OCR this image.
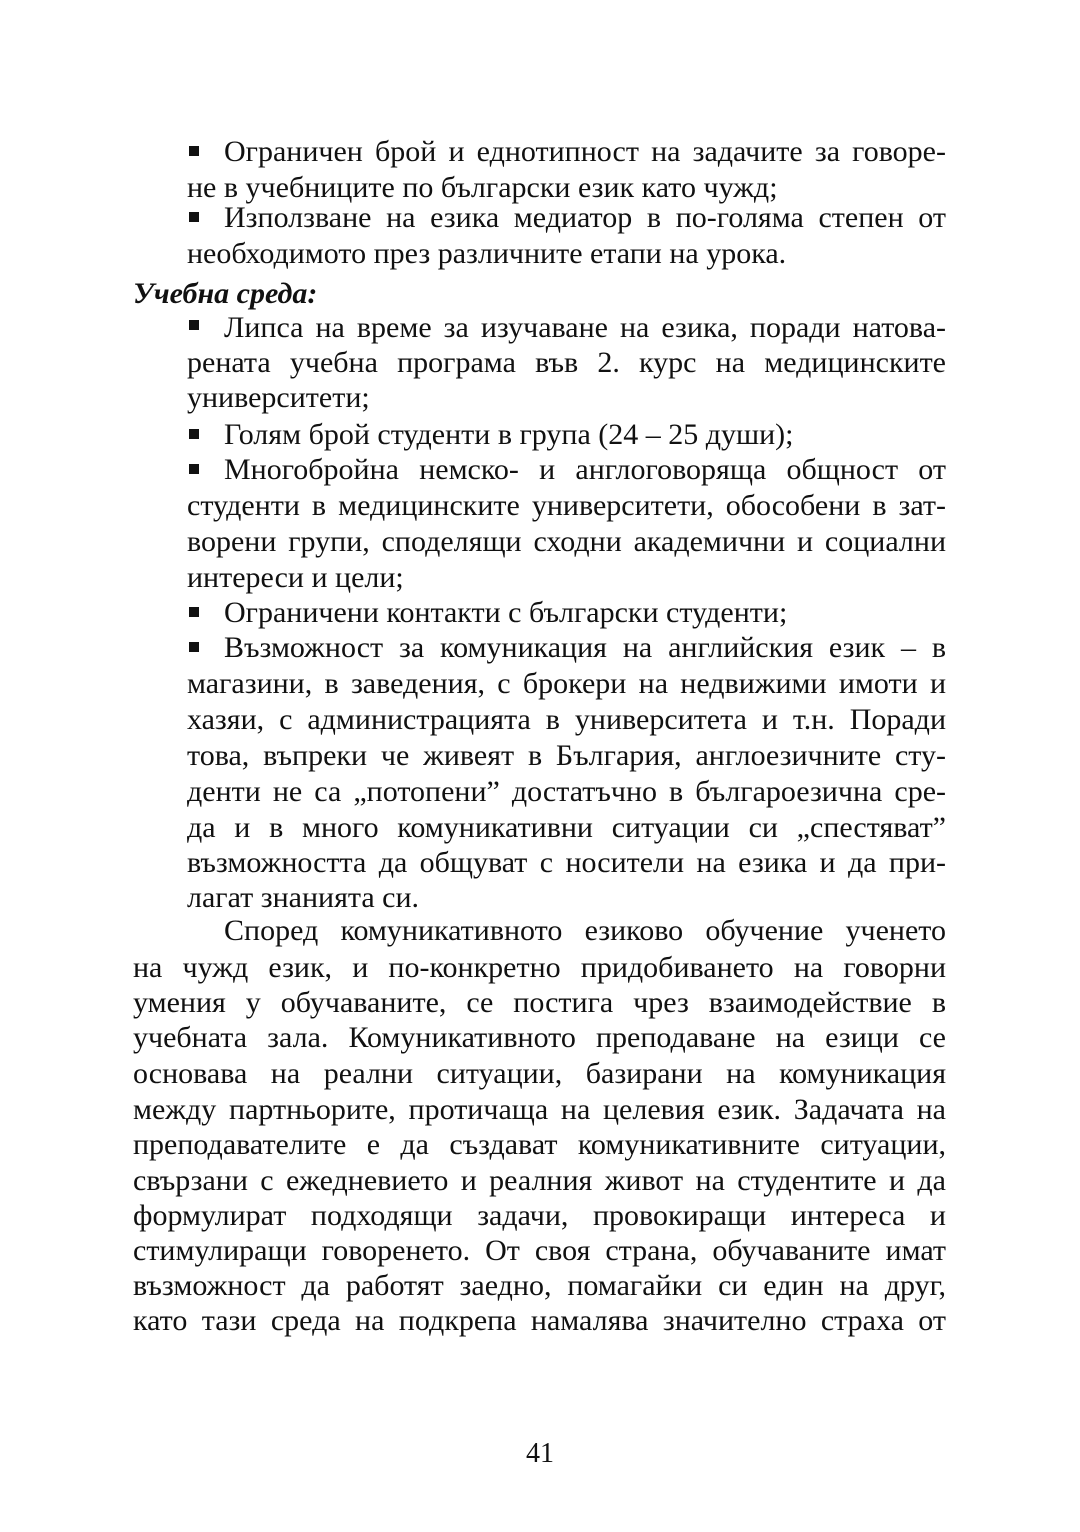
Ограничен брой и еднотипност на задачите за говоре-
не в учебниците по български език като чужд;
Използване на езика медиатор в по-голяма степен от
необходимото през различните етапи на урока.
Учебна среда:
Липса на време за изучаване на езика, поради натова-
рената учебна програма във 2. курс на медицинските
университети;
Голям брой студенти в група (24 – 25 души);
Многобройна немско- и англоговоряща общност от
студенти в медицинските университети, обособени в зат-
ворени групи, споделящи сходни академични и социални
интереси и цели;
Ограничени контакти с български студенти;
Възможност за комуникация на английския език – в
магазини, в заведения, с брокери на недвижими имоти и
хазяи, с администрацията в университета и т.н. Поради
това, въпреки че живеят в България, англоезичните сту-
денти не са „потопени” достатъчно в българоезична сре-
да и в много комуникативни ситуации си „спестяват”
възможността да общуват с носители на езика и да при-
лагат знанията си.
Според комуникативното езиково обучение ученето
на чужд език, и по-конкретно придобиването на говорни
умения у обучаваните, се постига чрез взаимодействие в
учебната зала. Комуникативното преподаване на езици се
основава на реални ситуации, базирани на комуникация
между партньорите, протичаща на целевия език. Задачата на
преподавателите е да създават комуникативните ситуации,
свързани с ежедневието и реалния живот на студентите и да
формулират подходящи задачи, провокиращи интереса и
стимулиращи говоренето. От своя страна, обучаваните имат
възможност да работят заедно, помагайки си един на друг,
като тази среда на подкрепа намалява значително страха от
41
